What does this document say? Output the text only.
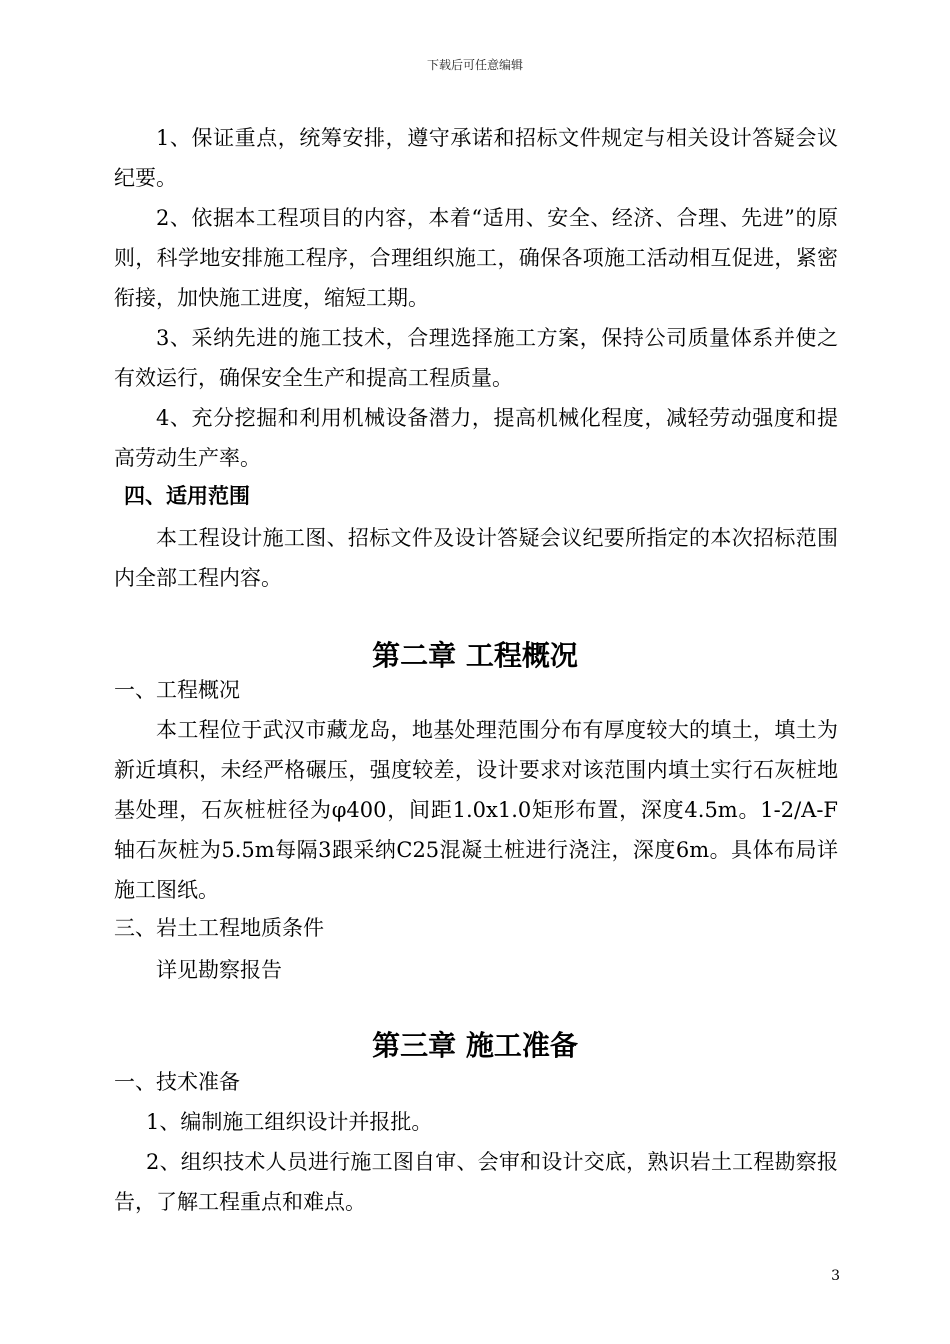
下载后可任意编辑

1、保证重点，统筹安排，遵守承诺和招标文件规定与相关设计答疑会议纪要。

2、依据本工程项目的内容，本着“适用、安全、经济、合理、先进”的原则，科学地安排施工程序，合理组织施工，确保各项施工活动相互促进，紧密衔接，加快施工进度，缩短工期。

3、采纳先进的施工技术，合理选择施工方案，保持公司质量体系并使之有效运行，确保安全生产和提高工程质量。

4、充分挖掘和利用机械设备潜力，提高机械化程度，减轻劳动强度和提高劳动生产率。

四、适用范围

本工程设计施工图、招标文件及设计答疑会议纪要所指定的本次招标范围内全部工程内容。

第二章 工程概况

一、工程概况

本工程位于武汉市藏龙岛，地基处理范围分布有厚度较大的填土，填土为新近填积，未经严格碾压，强度较差，设计要求对该范围内填土实行石灰桩地基处理，石灰桩桩径为φ400，间距1.0x1.0矩形布置，深度4.5m。1-2/A-F轴石灰桩为5.5m每隔3跟采纳C25混凝土桩进行浇注，深度6m。具体布局详施工图纸。

三、岩土工程地质条件

详见勘察报告

第三章 施工准备

一、技术准备

1、编制施工组织设计并报批。

2、组织技术人员进行施工图自审、会审和设计交底，熟识岩土工程勘察报告，了解工程重点和难点。

3
